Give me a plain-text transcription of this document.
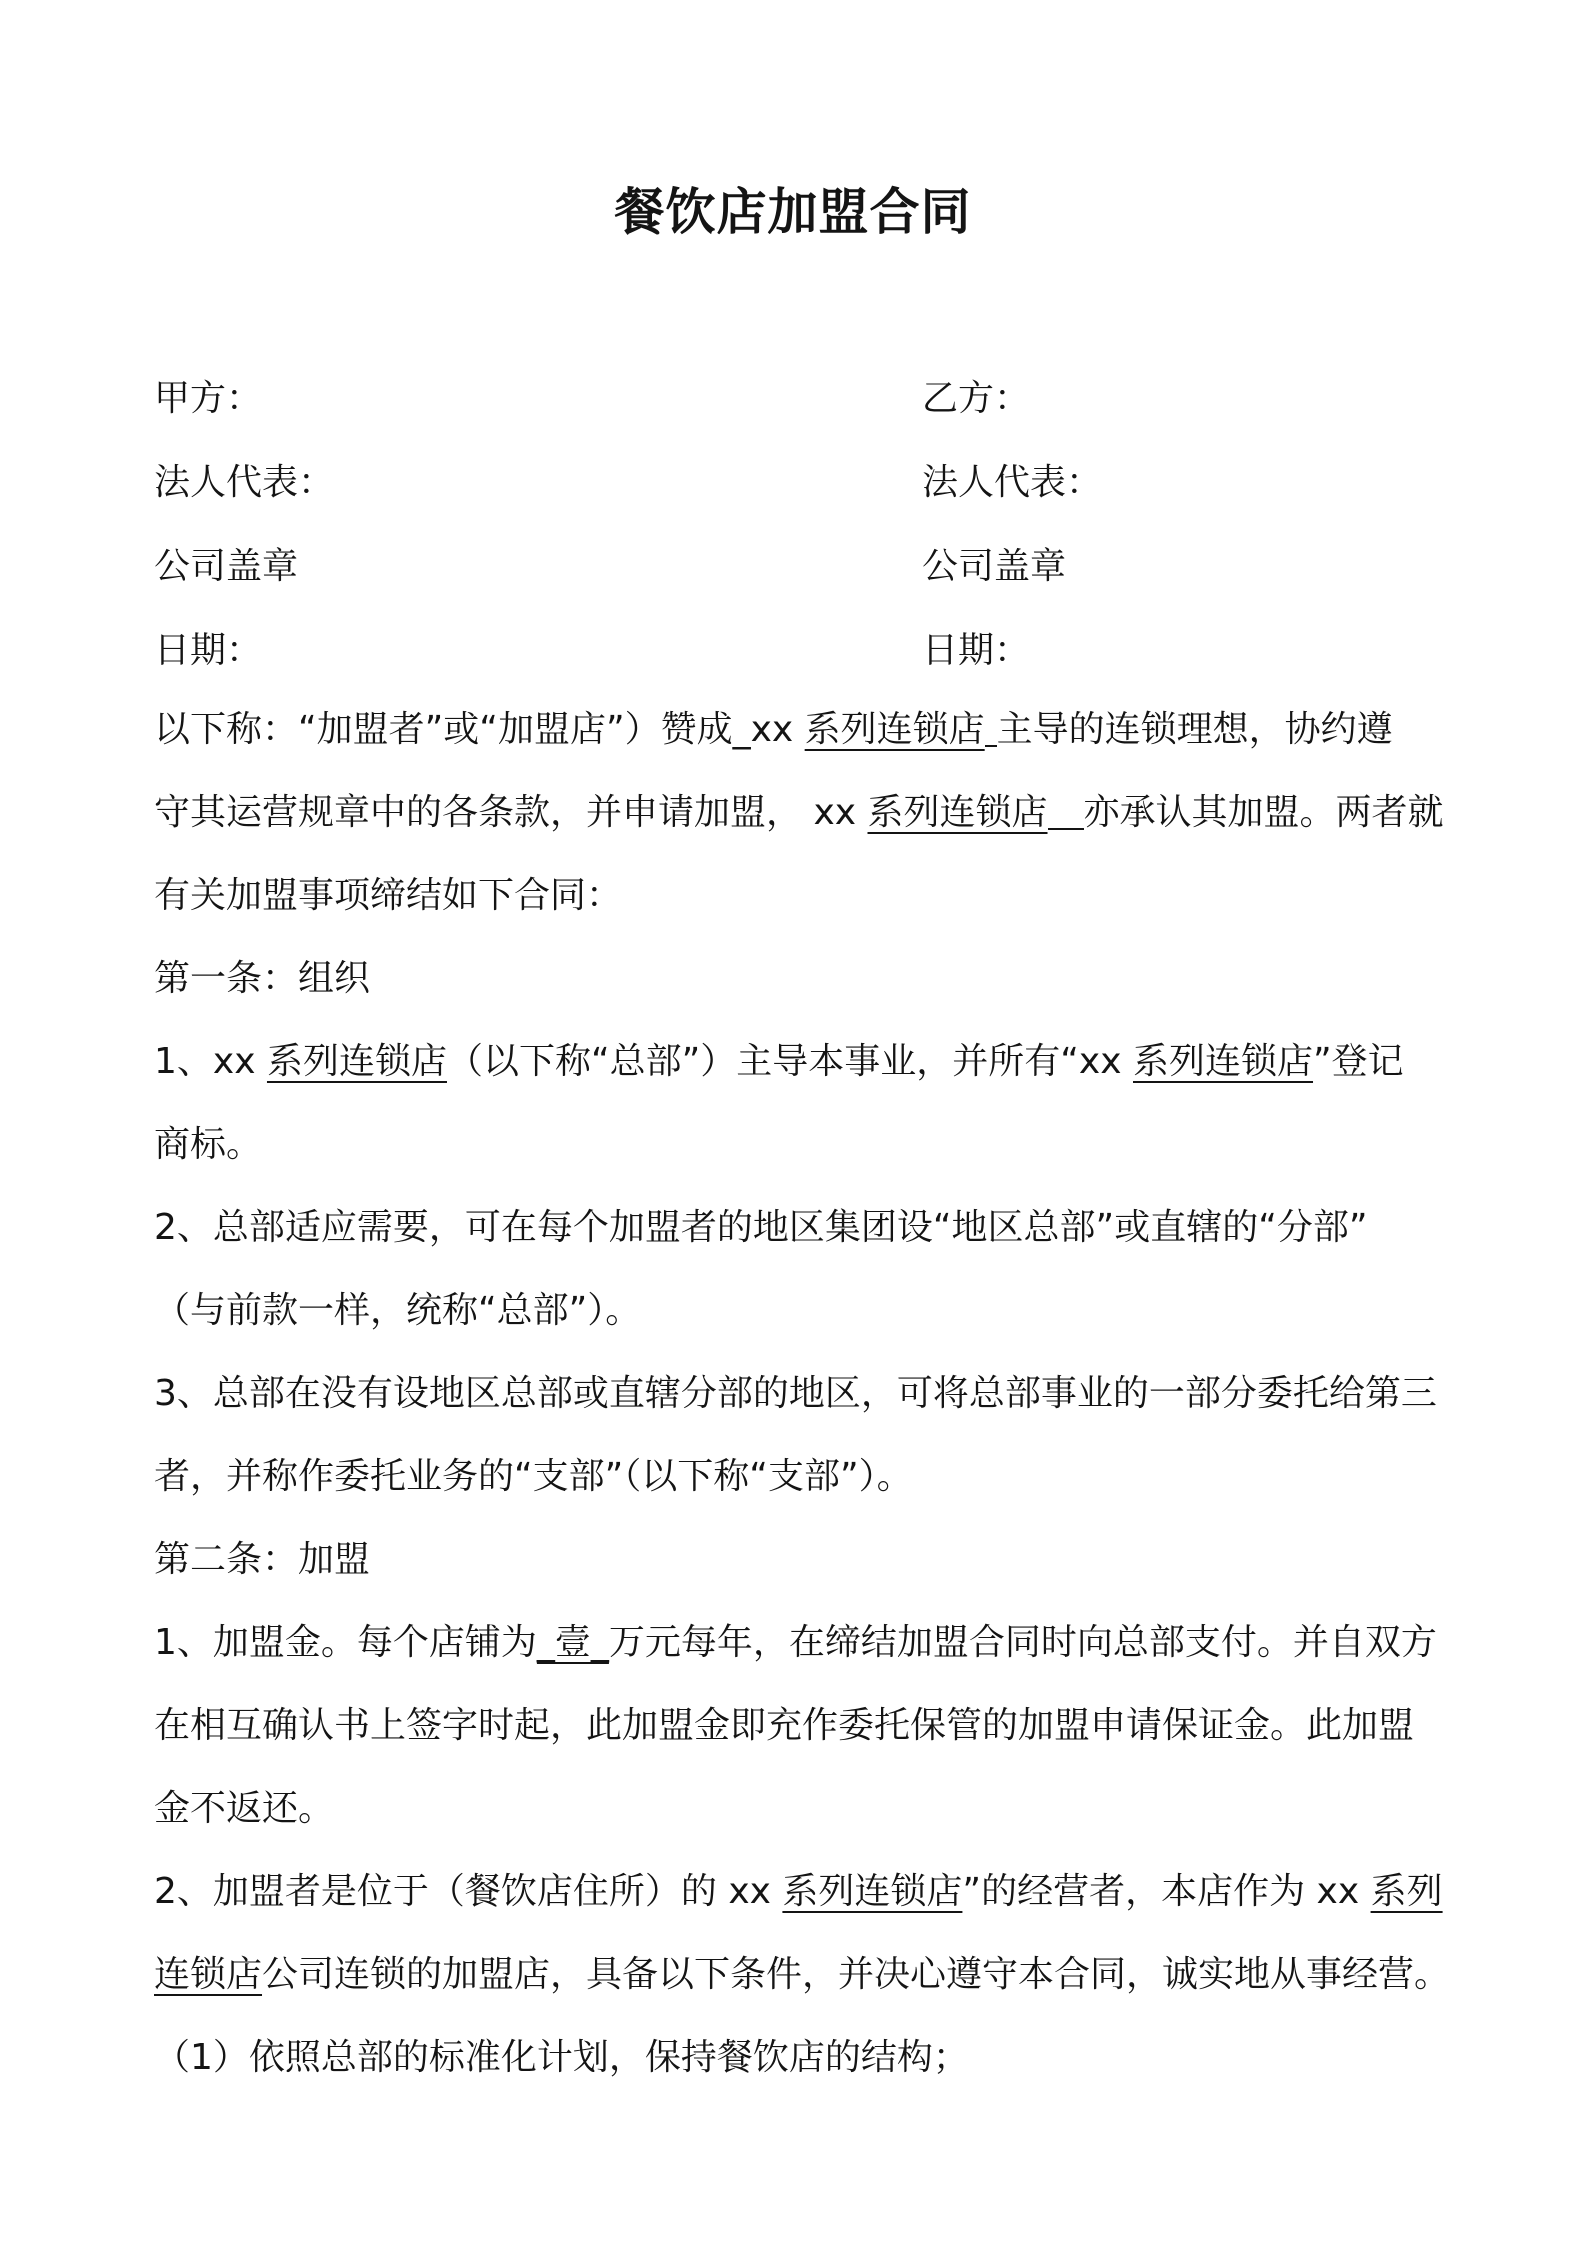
餐饮店加盟合同
甲方：	乙方：
法人代表：	法人代表：
公司盖章	公司盖章
日期：	日期：

以下称：“加盟者”或“加盟店”）赞成_xx 系列连锁店 主导的连锁理想，协约遵

守其运营规章中的各条款，并申请加盟， xx 系列连锁店 亦承认其加盟。两者就

有关加盟事项缔结如下合同：

第一条：组织

1、xx 系列连锁店（以下称“总部”）主导本事业，并所有“xx 系列连锁店”登记

商标。

2、总部适应需要，可在每个加盟者的地区集团设“地区总部”或直辖的“分部”

（与前款一样，统称“总部”）。

3、总部在没有设地区总部或直辖分部的地区，可将总部事业的一部分委托给第三

者，并称作委托业务的“支部”（以下称“支部”）。

第二条：加盟

1、加盟金。每个店铺为_壹_万元每年，在缔结加盟合同时向总部支付。并自双方

在相互确认书上签字时起，此加盟金即充作委托保管的加盟申请保证金。此加盟

金不返还。

2、加盟者是位于（餐饮店住所）的 xx 系列连锁店”的经营者，本店作为 xx 系列

连锁店公司连锁的加盟店，具备以下条件，并决心遵守本合同，诚实地从事经营。

（1）依照总部的标准化计划，保持餐饮店的结构；
